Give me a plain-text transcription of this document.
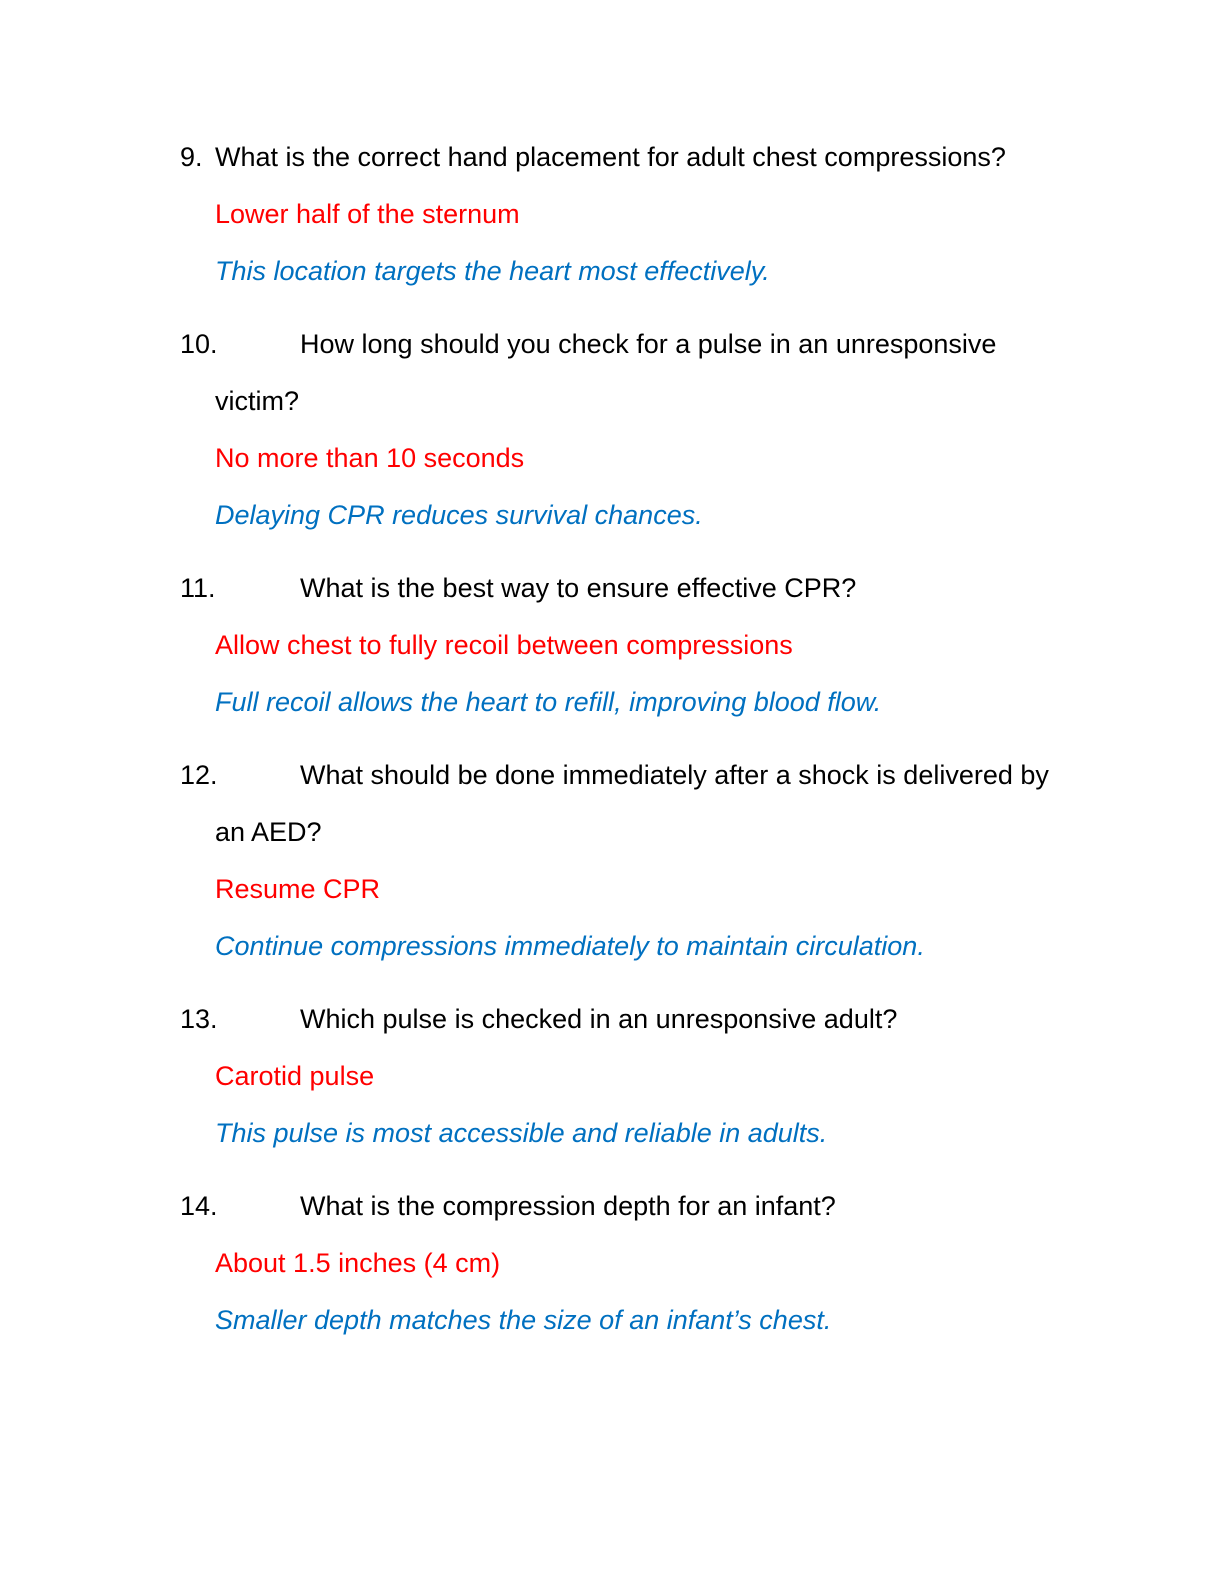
9. What is the correct hand placement for adult chest compressions?
Lower half of the sternum
This location targets the heart most effectively.
10.	How long should you check for a pulse in an unresponsive victim?
No more than 10 seconds
Delaying CPR reduces survival chances.
11.	What is the best way to ensure effective CPR?
Allow chest to fully recoil between compressions
Full recoil allows the heart to refill, improving blood flow.
12.	What should be done immediately after a shock is delivered by an AED?
Resume CPR
Continue compressions immediately to maintain circulation.
13.	Which pulse is checked in an unresponsive adult?
Carotid pulse
This pulse is most accessible and reliable in adults.
14.	What is the compression depth for an infant?
About 1.5 inches (4 cm)
Smaller depth matches the size of an infant’s chest.
